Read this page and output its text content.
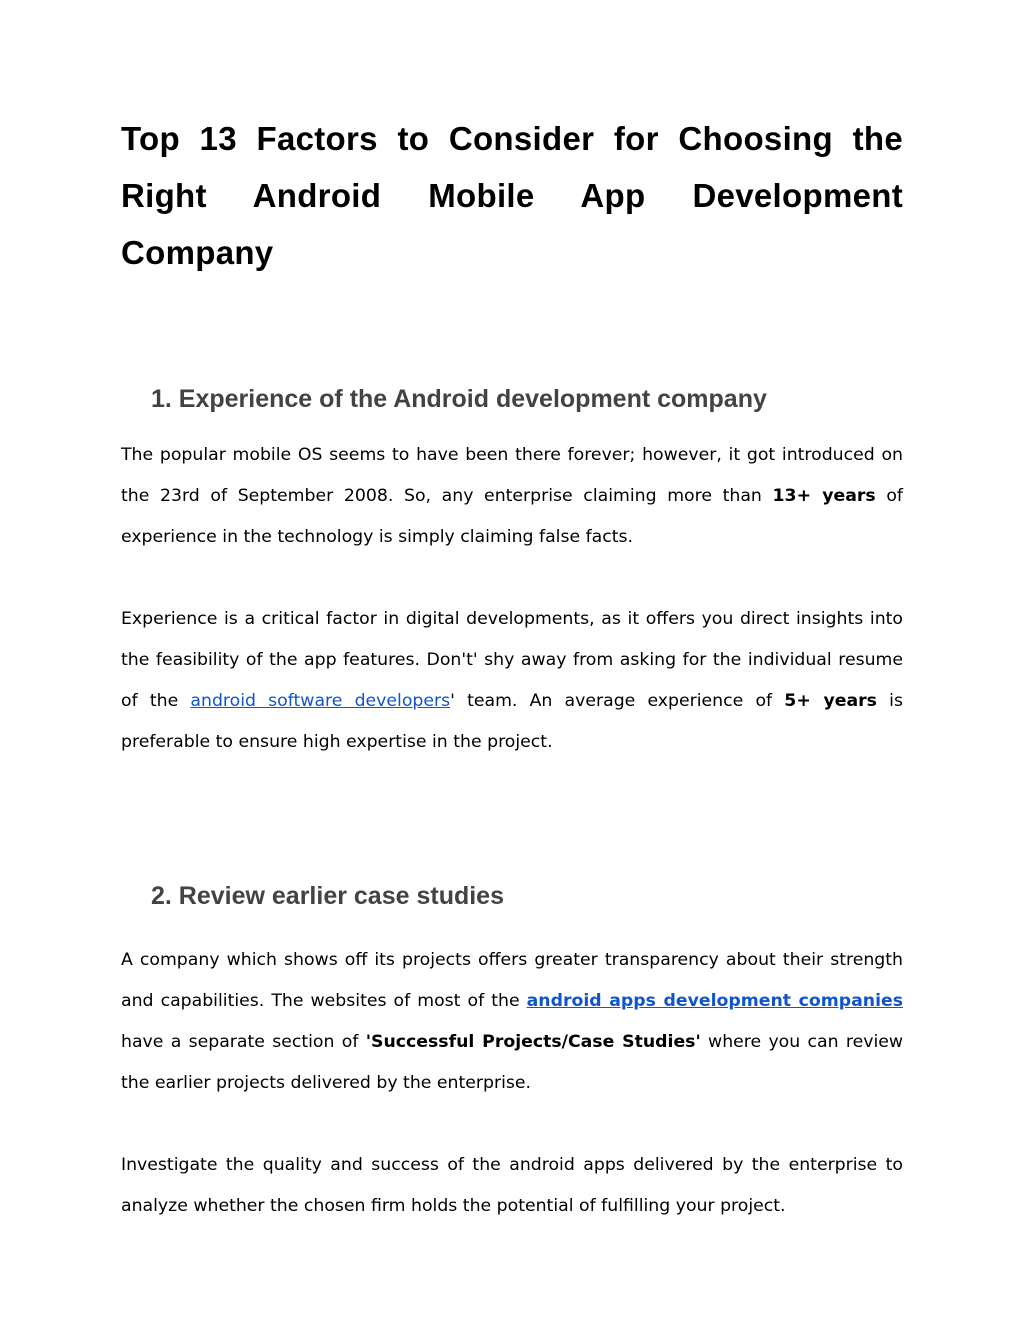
Top 13 Factors to Consider for Choosing the Right Android Mobile App Development Company
1. Experience of the Android development company

The popular mobile OS seems to have been there forever; however, it got introduced on the 23rd of September 2008. So, any enterprise claiming more than 13+ years of experience in the technology is simply claiming false facts.

Experience is a critical factor in digital developments, as it offers you direct insights into the feasibility of the app features. Don't' shy away from asking for the individual resume of the android software developers' team. An average experience of 5+ years is preferable to ensure high expertise in the project.

2. Review earlier case studies

A company which shows off its projects offers greater transparency about their strength and capabilities. The websites of most of the android apps development companies have a separate section of 'Successful Projects/Case Studies' where you can review the earlier projects delivered by the enterprise.

Investigate the quality and success of the android apps delivered by the enterprise to analyze whether the chosen firm holds the potential of fulfilling your project.
